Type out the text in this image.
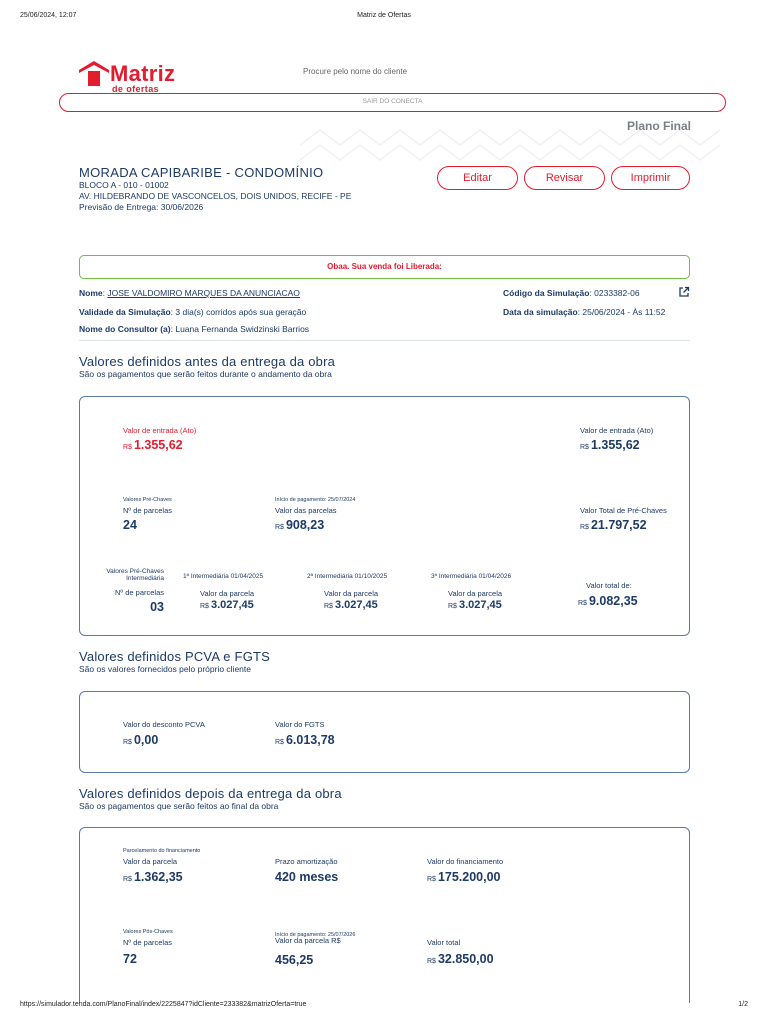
25/06/2024, 12:07	Matriz de Ofertas
Matriz
de ofertas
Procure pelo nome do cliente
SAIR DO CONECTA
Plano Final
MORADA CAPIBARIBE - CONDOMÍNIO
BLOCO A - 010 - 01002
AV. HILDEBRANDO DE VASCONCELOS, DOIS UNIDOS, RECIFE - PE
Previsão de Entrega: 30/06/2026
Editar	Revisar	Imprimir
Obaa. Sua venda foi Liberada:
Nome: JOSE VALDOMIRO MARQUES DA ANUNCIACAO
Validade da Simulação: 3 dia(s) corridos após sua geração
Nome do Consultor (a): Luana Fernanda Swidzinski Barrios
Código da Simulação: 0233382-06
Data da simulação: 25/06/2024 - Às 11:52
Valores definidos antes da entrega da obra
São os pagamentos que serão feitos durante o andamento da obra
Valor de entrada (Ato)
R$ 1.355,62
Valor de entrada (Ato)
R$ 1.355,62
Valores Pré-Chaves
Nº de parcelas
24
Início de pagamento: 25/07/2024
Valor das parcelas
R$ 908,23
Valor Total de Pré-Chaves
R$ 21.797,52
Valores Pré-Chaves
Intermediária
Nº de parcelas
03
1ª Intermediária 01/04/2025
Valor da parcela
R$ 3.027,45
2ª Intermediária 01/10/2025
Valor da parcela
R$ 3.027,45
3ª Intermediária 01/04/2026
Valor da parcela
R$ 3.027,45
Valor total de:
R$ 9.082,35
Valores definidos PCVA e FGTS
São os valores fornecidos pelo próprio cliente
Valor do desconto PCVA
R$ 0,00
Valor do FGTS
R$ 6.013,78
Valores definidos depois da entrega da obra
São os pagamentos que serão feitos ao final da obra
Parcelamento do financiamento
Valor da parcela
R$ 1.362,35
Prazo amortização
420 meses
Valor do financiamento
R$ 175.200,00
Valores Pós-Chaves
Nº de parcelas
72
Início de pagamento: 25/07/2026
Valor da parcela R$
456,25
Valor total
R$ 32.850,00
https://simulador.tenda.com/PlanoFinal/index/2225847?idCliente=233382&matrizOferta=true	1/2
